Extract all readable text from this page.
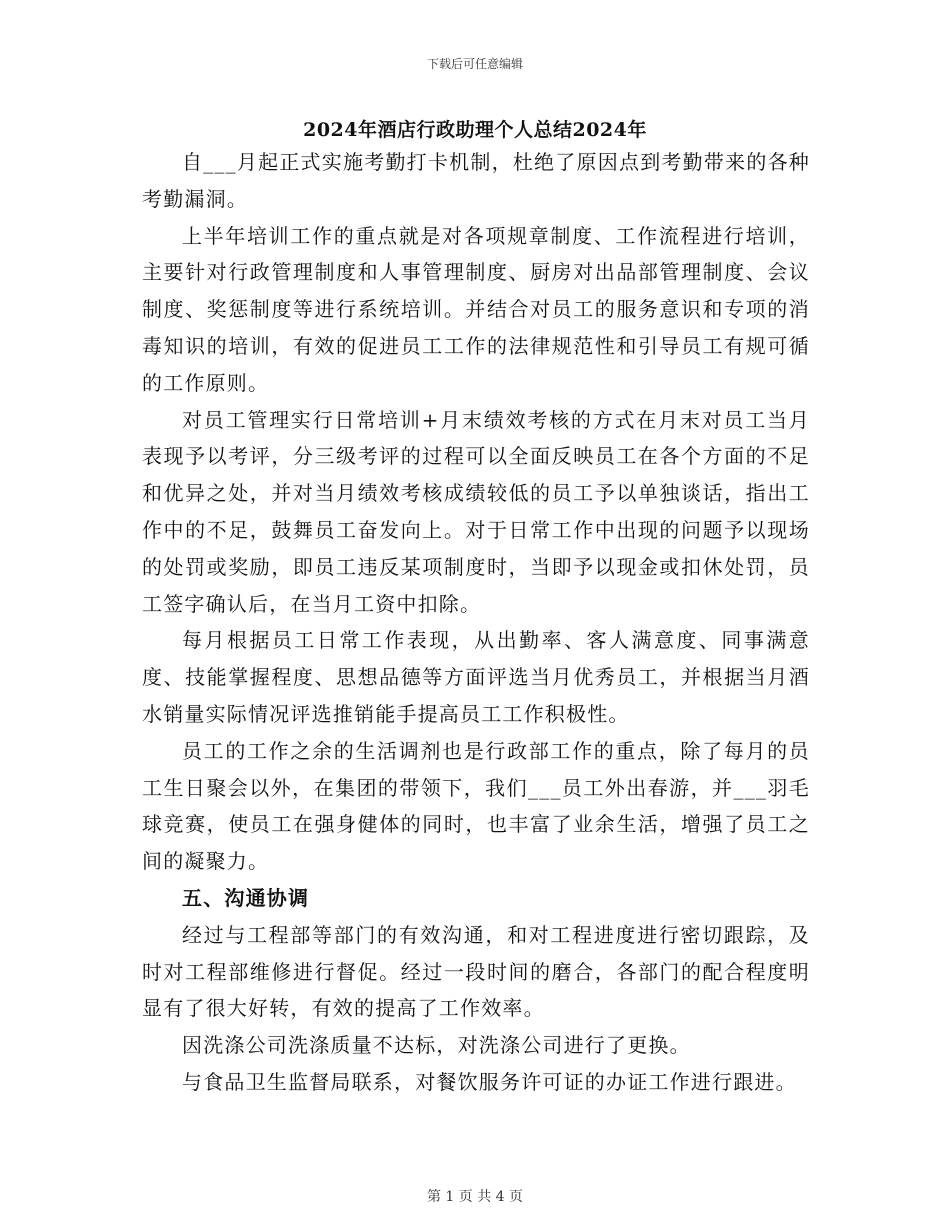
下载后可任意编辑
2024年酒店行政助理个人总结2024年

自___月起正式实施考勤打卡机制，杜绝了原因点到考勤带来的各种考勤漏洞。

上半年培训工作的重点就是对各项规章制度、工作流程进行培训，主要针对行政管理制度和人事管理制度、厨房对出品部管理制度、会议制度、奖惩制度等进行系统培训。并结合对员工的服务意识和专项的消毒知识的培训，有效的促进员工工作的法律规范性和引导员工有规可循的工作原则。

对员工管理实行日常培训+月末绩效考核的方式在月末对员工当月表现予以考评，分三级考评的过程可以全面反映员工在各个方面的不足和优异之处，并对当月绩效考核成绩较低的员工予以单独谈话，指出工作中的不足，鼓舞员工奋发向上。对于日常工作中出现的问题予以现场的处罚或奖励，即员工违反某项制度时，当即予以现金或扣休处罚，员工签字确认后，在当月工资中扣除。

每月根据员工日常工作表现，从出勤率、客人满意度、同事满意度、技能掌握程度、思想品德等方面评选当月优秀员工，并根据当月酒水销量实际情况评选推销能手提高员工工作积极性。

员工的工作之余的生活调剂也是行政部工作的重点，除了每月的员工生日聚会以外，在集团的带领下，我们___员工外出春游，并___羽毛球竞赛，使员工在强身健体的同时，也丰富了业余生活，增强了员工之间的凝聚力。

五、沟通协调

经过与工程部等部门的有效沟通，和对工程进度进行密切跟踪，及时对工程部维修进行督促。经过一段时间的磨合，各部门的配合程度明显有了很大好转，有效的提高了工作效率。

因洗涤公司洗涤质量不达标，对洗涤公司进行了更换。

与食品卫生监督局联系，对餐饮服务许可证的办证工作进行跟进。

第 1 页 共 4 页
